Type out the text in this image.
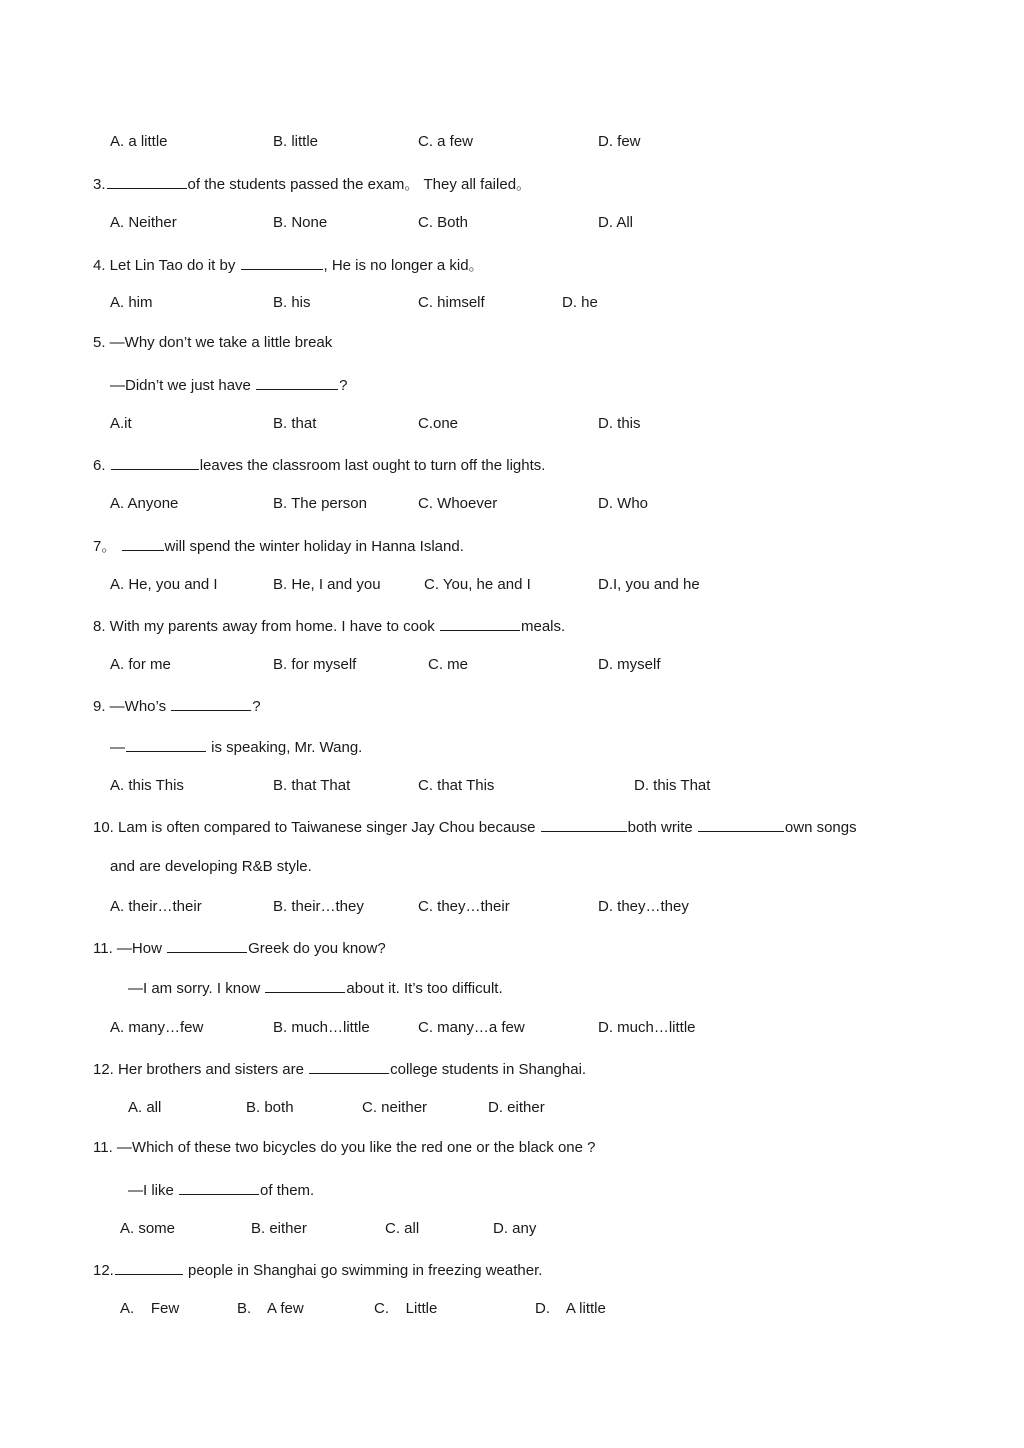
A. a little	B. little	C. a few	D. few
3.	of the students passed the exam。 They all failed。
A. Neither	B. None	C. Both	D. All
4. Let Lin Tao do it by	, He is no longer a kid。
A. him	B. his	C. himself	D. he
5. —Why don’t we take a little break
—Didn’t we just have	?
A.it	B. that	C.one	D. this
6.	leaves the classroom last ought to turn off the lights.
A. Anyone	B. The person	C. Whoever	D. Who
7。	will spend the winter holiday in Hanna Island.
A. He, you and I	B. He, I and you	C. You, he and I	D.I, you and he
8. With my parents away from home. I have to cook	meals.
A. for me	B. for myself	C. me	D. myself
9. —Who’s	?
—	is speaking, Mr. Wang.
A. this This	B. that That	C. that This	D. this That
10. Lam is often compared to Taiwanese singer Jay Chou because	both write	own songs
and are developing R&B style.
A. their…their	B. their…they	C. they…their	D. they…they
11. —How	Greek do you know?
—I am sorry. I know	about it. It’s too difficult.
A. many…few	B. much…little	C. many…a few	D. much…little
12. Her brothers and sisters are	college students in Shanghai.
A. all	B. both	C. neither	D. either
11. —Which of these two bicycles do you like the red one or the black one ?
—I like	of them.
A. some	B. either	C. all	D. any
12.	people in Shanghai go swimming in freezing weather.
A.    Few	B.    A few	C.    Little	D.    A little
